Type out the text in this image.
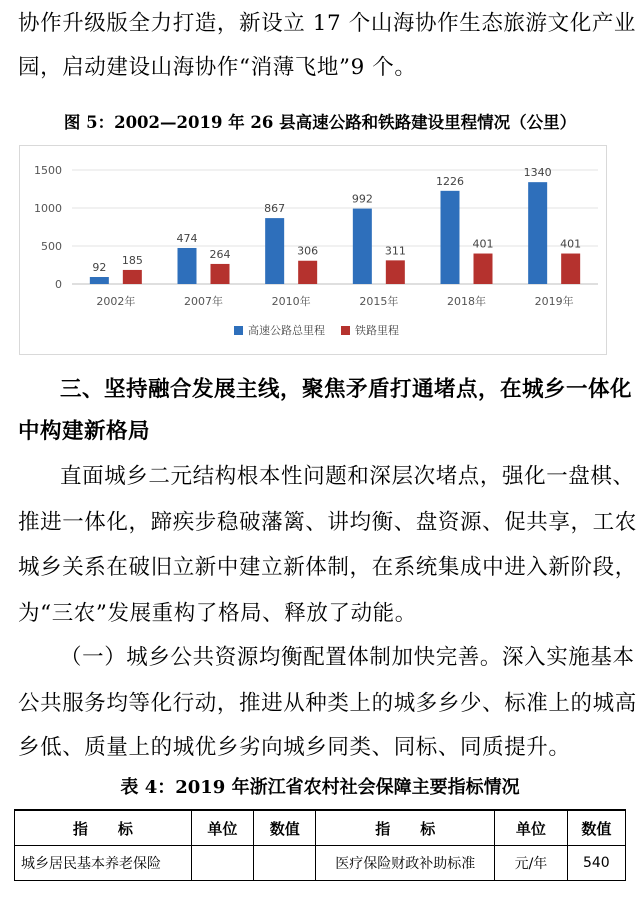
协作升级版全力打造，新设立 17 个山海协作生态旅游文化产业
园，启动建设山海协作“消薄飞地”9 个。
图 5：2002—2019 年 26 县高速公路和铁路建设里程情况（公里）
0
500
1000
1500
92
185
2002年
474
264
2007年
867
306
2010年
992
311
2015年
1226
401
2018年
1340
401
2019年
高速公路总里程	铁路里程
三、坚持融合发展主线，聚焦矛盾打通堵点，在城乡一体化
中构建新格局
直面城乡二元结构根本性问题和深层次堵点，强化一盘棋、
推进一体化，蹄疾步稳破藩篱、讲均衡、盘资源、促共享，工农
城乡关系在破旧立新中建立新体制，在系统集成中进入新阶段，
为“三农”发展重构了格局、释放了动能。
（一）城乡公共资源均衡配置体制加快完善。深入实施基本
公共服务均等化行动，推进从种类上的城多乡少、标准上的城高
乡低、质量上的城优乡劣向城乡同类、同标、同质提升。
表 4：2019 年浙江省农村社会保障主要指标情况
指　　标	单位	数值	指　　标	单位	数值
城乡居民基本养老保险			医疗保险财政补助标准	元/年	540
